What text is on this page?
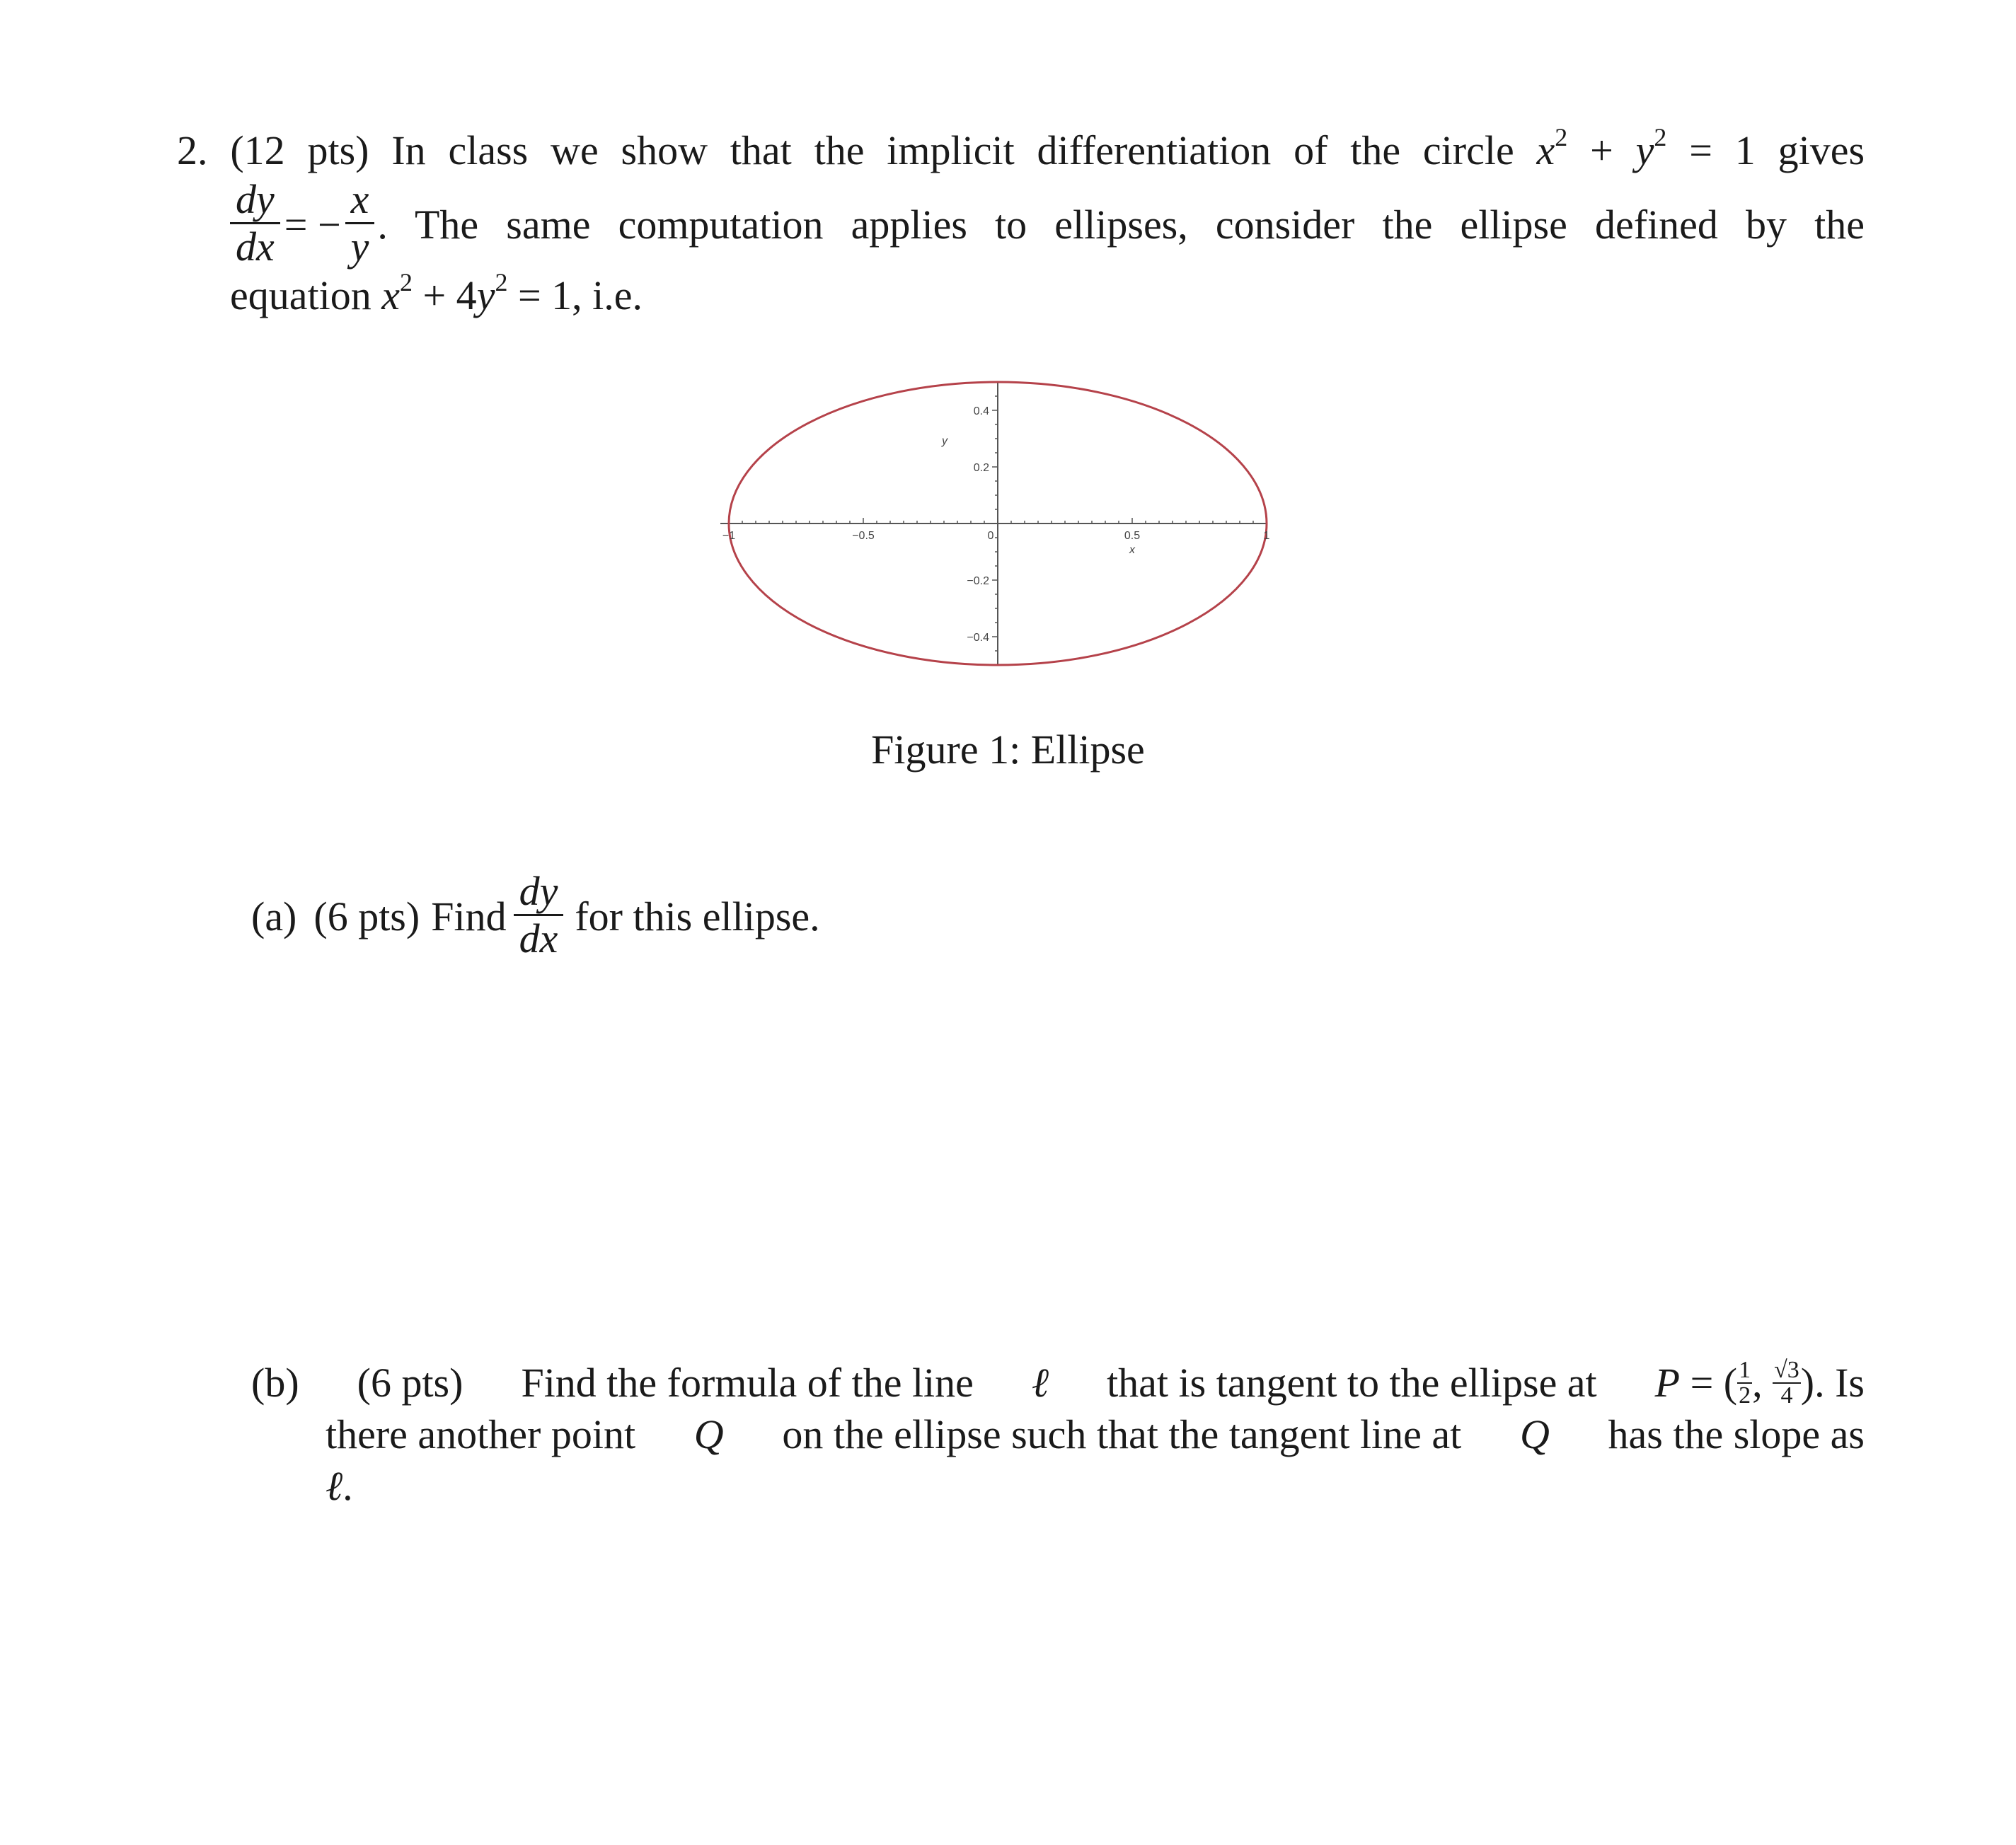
2. (12 pts) In class we show that the implicit differentiation of the circle $x^2 + y^2 = 1$ gives
$\frac{dy}{dx}$ = − $\frac{x}{y}$ . The same computation applies to ellipses, consider the ellipse defined by the
equation $x^2 + 4y^2 = 1$, i.e.
−1	−0.5	0	0.5	1
0.4
0.2
−0.2
−0.4
x
y
Figure 1: Ellipse
(a) (6 pts) Find $\frac{dy}{dx}$ for this ellipse.
(b) (6 pts) Find the formula of the line ℓ that is tangent to the ellipse at P = ( $\frac{1}{2}$ , $\frac{√3}{4}$ ). Is
there another point Q on the ellipse such that the tangent line at Q has the slope as
ℓ.
